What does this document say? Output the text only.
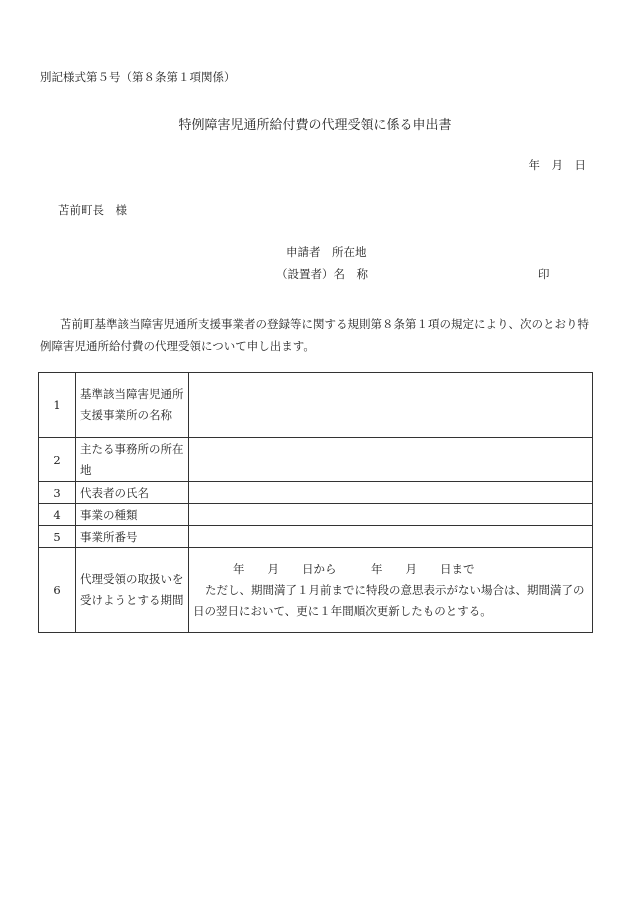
別記様式第５号（第８条第１項関係）
特例障害児通所給付費の代理受領に係る申出書
年　月　日
苫前町長　様
申請者　所在地
（設置者）名　称	印
苫前町基準該当障害児通所支援事業者の登録等に関する規則第８条第１項の規定により、次のとおり特例障害児通所給付費の代理受領について申し出ます。
1	基準該当障害児通所支援事業所の名称	
2	主たる事務所の所在地	
3	代表者の氏名	
4	事業の種類	
5	事業所番号	
6	代理受領の取扱いを受けようとする期間	年　　月　　日から　　　年　　月　　日まで
ただし、期間満了１月前までに特段の意思表示がない場合は、期間満了の日の翌日において、更に１年間順次更新したものとする。
